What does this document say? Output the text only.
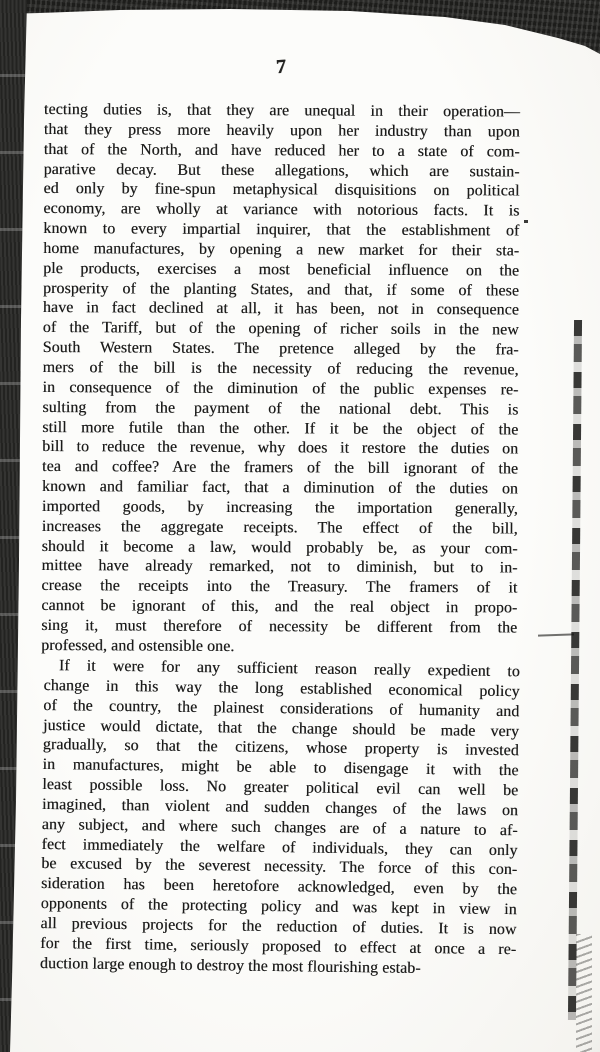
7
tecting duties is, that they are unequal in their operation—
that they press more heavily upon her industry than upon
that of the North, and have reduced her to a state of com-
parative decay. But these allegations, which are sustain-
ed only by fine-spun metaphysical disquisitions on political
economy, are wholly at variance with notorious facts. It is
known to every impartial inquirer, that the establishment of
home manufactures, by opening a new market for their sta-
ple products, exercises a most beneficial influence on the
prosperity of the planting States, and that, if some of these
have in fact declined at all, it has been, not in consequence
of the Tariff, but of the opening of richer soils in the new
South Western States. The pretence alleged by the fra-
mers of the bill is the necessity of reducing the revenue,
in consequence of the diminution of the public expenses re-
sulting from the payment of the national debt. This is
still more futile than the other. If it be the object of the
bill to reduce the revenue, why does it restore the duties on
tea and coffee? Are the framers of the bill ignorant of the
known and familiar fact, that a diminution of the duties on
imported goods, by increasing the importation generally,
increases the aggregate receipts. The effect of the bill,
should it become a law, would probably be, as your com-
mittee have already remarked, not to diminish, but to in-
crease the receipts into the Treasury. The framers of it
cannot be ignorant of this, and the real object in propo-
sing it, must therefore of necessity be different from the
professed, and ostensible one.
If it were for any sufficient reason really expedient to
change in this way the long established economical policy
of the country, the plainest considerations of humanity and
justice would dictate, that the change should be made very
gradually, so that the citizens, whose property is invested
in manufactures, might be able to disengage it with the
least possible loss. No greater political evil can well be
imagined, than violent and sudden changes of the laws on
any subject, and where such changes are of a nature to af-
fect immediately the welfare of individuals, they can only
be excused by the severest necessity. The force of this con-
sideration has been heretofore acknowledged, even by the
opponents of the protecting policy and was kept in view in
all previous projects for the reduction of duties. It is now
for the first time, seriously proposed to effect at once a re-
duction large enough to destroy the most flourishing estab-
